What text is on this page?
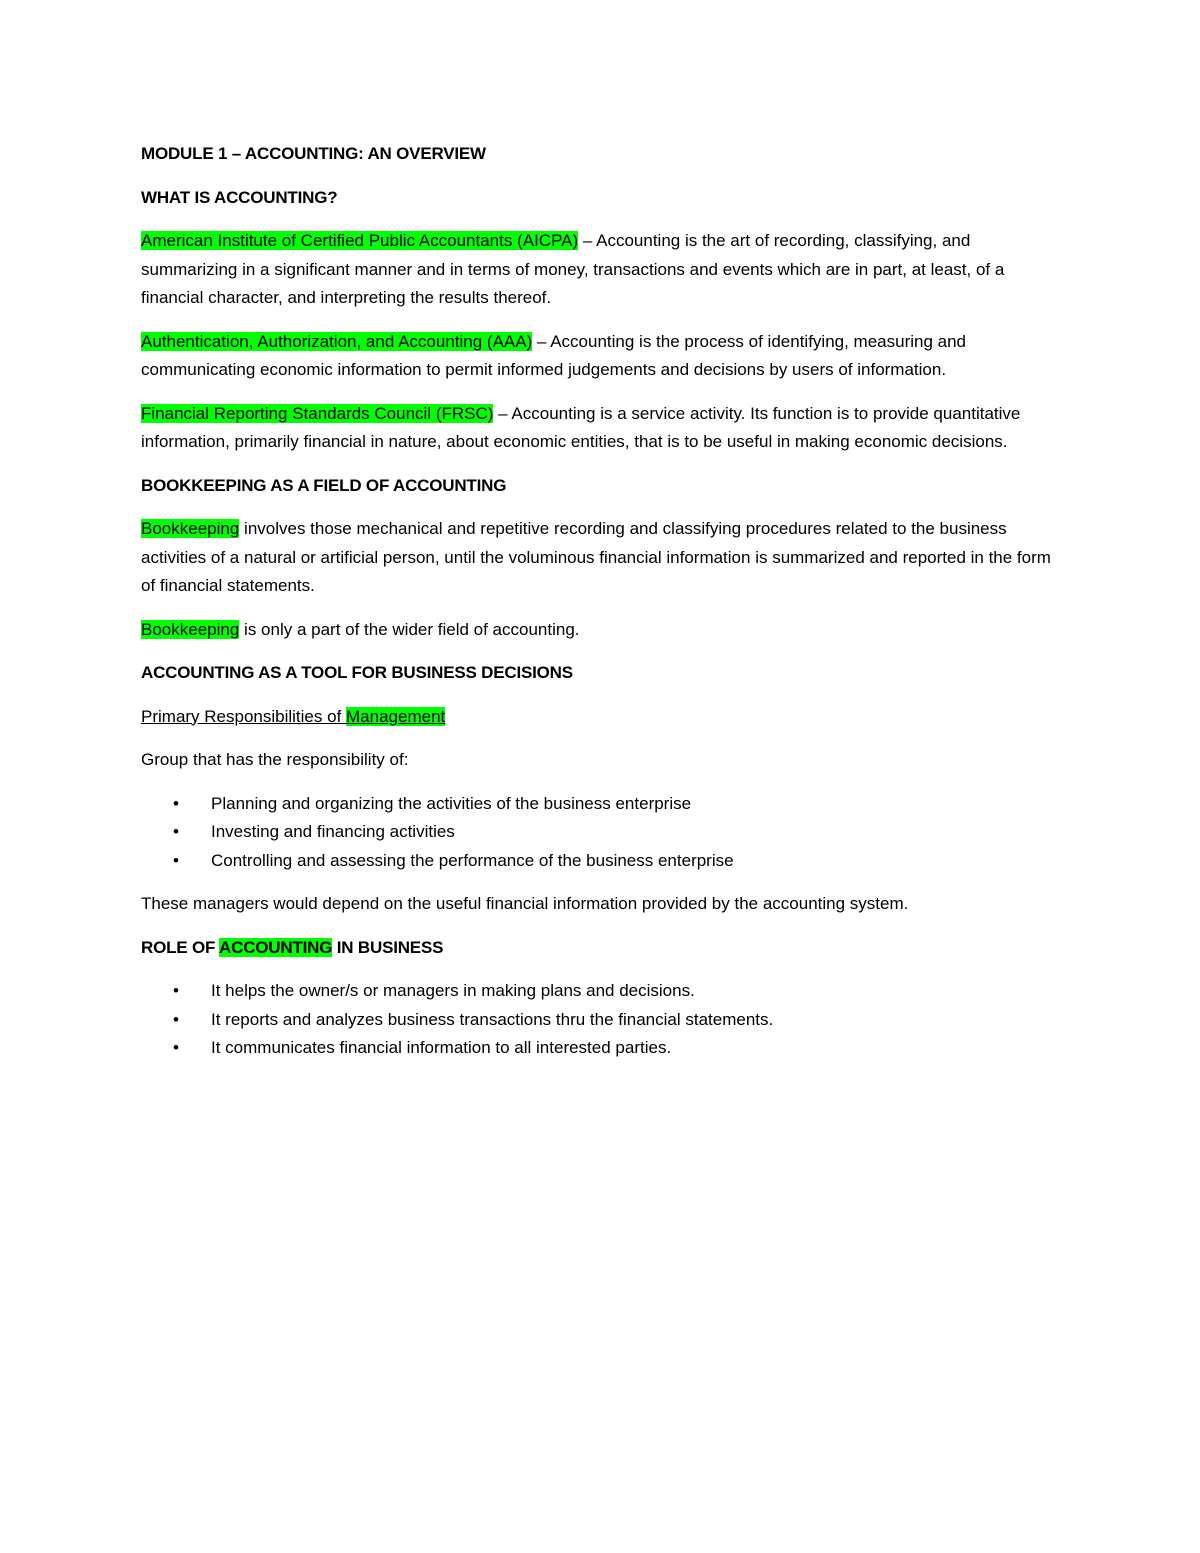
MODULE 1 – ACCOUNTING: AN OVERVIEW

WHAT IS ACCOUNTING?

American Institute of Certified Public Accountants (AICPA) – Accounting is the art of recording, classifying, and summarizing in a significant manner and in terms of money, transactions and events which are in part, at least, of a financial character, and interpreting the results thereof.

Authentication, Authorization, and Accounting (AAA) – Accounting is the process of identifying, measuring and communicating economic information to permit informed judgements and decisions by users of information.

Financial Reporting Standards Council (FRSC) – Accounting is a service activity. Its function is to provide quantitative information, primarily financial in nature, about economic entities, that is to be useful in making economic decisions.

BOOKKEEPING AS A FIELD OF ACCOUNTING

Bookkeeping involves those mechanical and repetitive recording and classifying procedures related to the business activities of a natural or artificial person, until the voluminous financial information is summarized and reported in the form of financial statements.

Bookkeeping is only a part of the wider field of accounting.

ACCOUNTING AS A TOOL FOR BUSINESS DECISIONS

Primary Responsibilities of Management

Group that has the responsibility of:

• Planning and organizing the activities of the business enterprise
• Investing and financing activities
• Controlling and assessing the performance of the business enterprise

These managers would depend on the useful financial information provided by the accounting system.

ROLE OF ACCOUNTING IN BUSINESS

• It helps the owner/s or managers in making plans and decisions.
• It reports and analyzes business transactions thru the financial statements.
• It communicates financial information to all interested parties.
